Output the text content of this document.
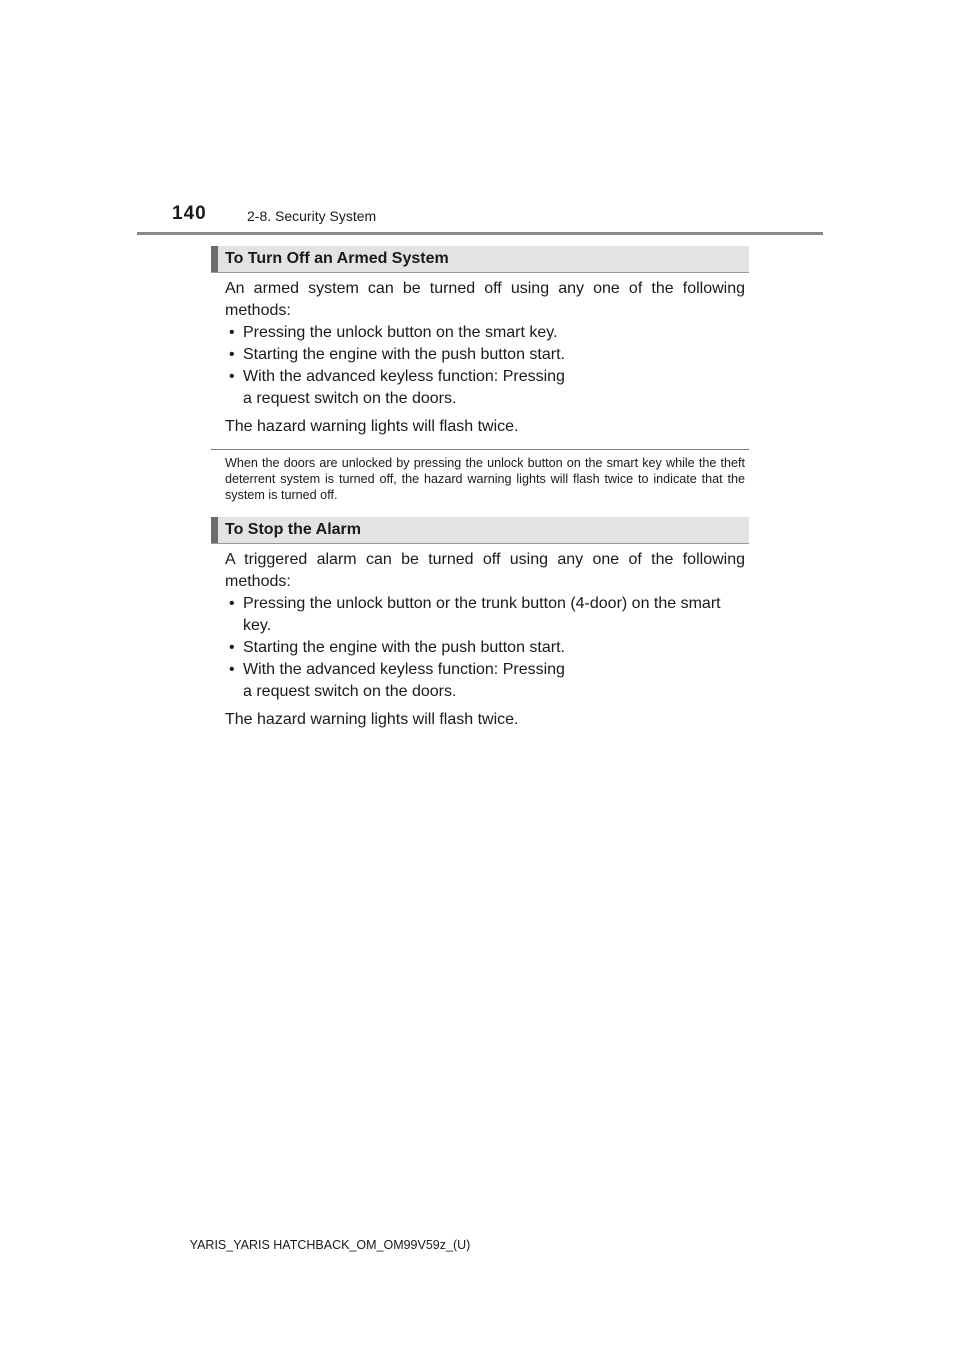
140	2-8. Security System
To Turn Off an Armed System

An armed system can be turned off using any one of the following methods:

• Pressing the unlock button on the smart key.
• Starting the engine with the push button start.
• With the advanced keyless function: Pressing a request switch on the doors.

The hazard warning lights will flash twice.

When the doors are unlocked by pressing the unlock button on the smart key while the theft deterrent system is turned off, the hazard warning lights will flash twice to indicate that the system is turned off.

To Stop the Alarm

A triggered alarm can be turned off using any one of the following methods:

• Pressing the unlock button or the trunk button (4-door) on the smart key.
• Starting the engine with the push button start.
• With the advanced keyless function: Pressing a request switch on the doors.

The hazard warning lights will flash twice.

YARIS_YARIS HATCHBACK_OM_OM99V59z_(U)
